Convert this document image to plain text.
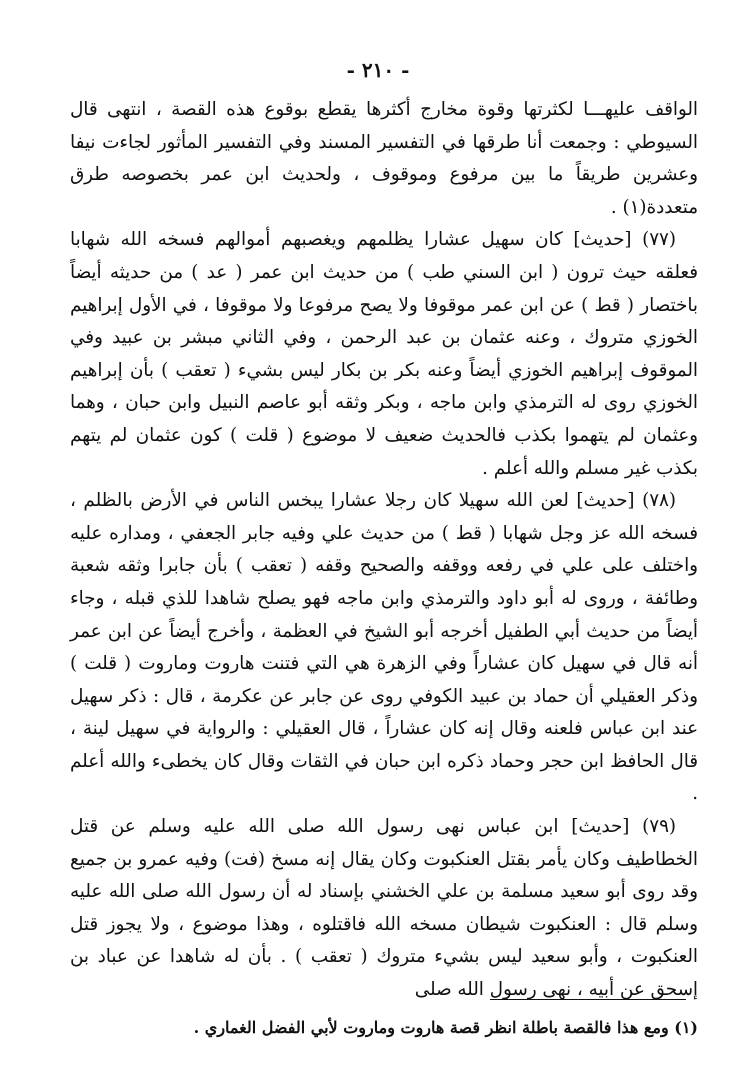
- ٢١٠ -

الواقف عليهـــا لكثرتها وقوة مخارج أكثرها يقطع بوقوع هذه القصة ، انتهى قال السيوطي : وجمعت أنا طرقها في التفسير المسند وفي التفسير المأثور لجاءت نيفا وعشرين طريقاً ما بين مرفوع وموقوف ، ولحديث ابن عمر بخصوصه طرق متعددة(١) .

(٧٧) [حديث] كان سهيل عشارا يظلمهم ويغصبهم أموالهم فسخه الله شهابا فعلقه حيث ترون ( ابن السني طب ) من حديث ابن عمر ( عد ) من حديثه أيضاً باختصار ( قط ) عن ابن عمر موقوفا ولا يصح مرفوعا ولا موقوفا ، في الأول إبراهيم الخوزي متروك ، وعنه عثمان بن عبد الرحمن ، وفي الثاني مبشر بن عبيد وفي الموقوف إبراهيم الخوزي أيضاً وعنه بكر بن بكار ليس بشيء ( تعقب ) بأن إبراهيم الخوزي روى له الترمذي وابن ماجه ، وبكر وثقه أبو عاصم النبيل وابن حبان ، وهما وعثمان لم يتهموا بكذب فالحديث ضعيف لا موضوع ( قلت ) كون عثمان لم يتهم بكذب غير مسلم والله أعلم .

(٧٨) [حديث] لعن الله سهيلا كان رجلا عشارا يبخس الناس في الأرض بالظلم ، فسخه الله عز وجل شهابا ( قط ) من حديث علي وفيه جابر الجعفي ، ومداره عليه واختلف على علي في رفعه ووقفه والصحيح وقفه ( تعقب ) بأن جابرا وثقه شعبة وطائفة ، وروى له أبو داود والترمذي وابن ماجه فهو يصلح شاهدا للذي قبله ، وجاء أيضاً من حديث أبي الطفيل أخرجه أبو الشيخ في العظمة ، وأخرج أيضاً عن ابن عمر أنه قال في سهيل كان عشاراً وفي الزهرة هي التي فتنت هاروت وماروت ( قلت ) وذكر العقيلي أن حماد بن عبيد الكوفي روى عن جابر عن عكرمة ، قال : ذكر سهيل عند ابن عباس فلعنه وقال إنه كان عشاراً ، قال العقيلي : والرواية في سهيل لينة ، قال الحافظ ابن حجر وحماد ذكره ابن حبان في الثقات وقال كان يخطىء والله أعلم .

(٧٩) [حديث] ابن عباس نهى رسول الله صلى الله عليه وسلم عن قتل الخطاطيف وكان يأمر بقتل العنكبوت وكان يقال إنه مسخ (فت) وفيه عمرو بن جميع وقد روى أبو سعيد مسلمة بن علي الخشني بإسناد له أن رسول الله صلى الله عليه وسلم قال : العنكبوت شيطان مسخه الله فاقتلوه ، وهذا موضوع ، ولا يجوز قتل العنكبوت ، وأبو سعيد ليس بشيء متروك ( تعقب ) . بأن له شاهدا عن عباد بن إسحق عن أبيه ، نهى رسول الله صلى

(١) ومع هذا فالقصة باطلة انظر قصة هاروت وماروت لأبي الفضل الغماري .
